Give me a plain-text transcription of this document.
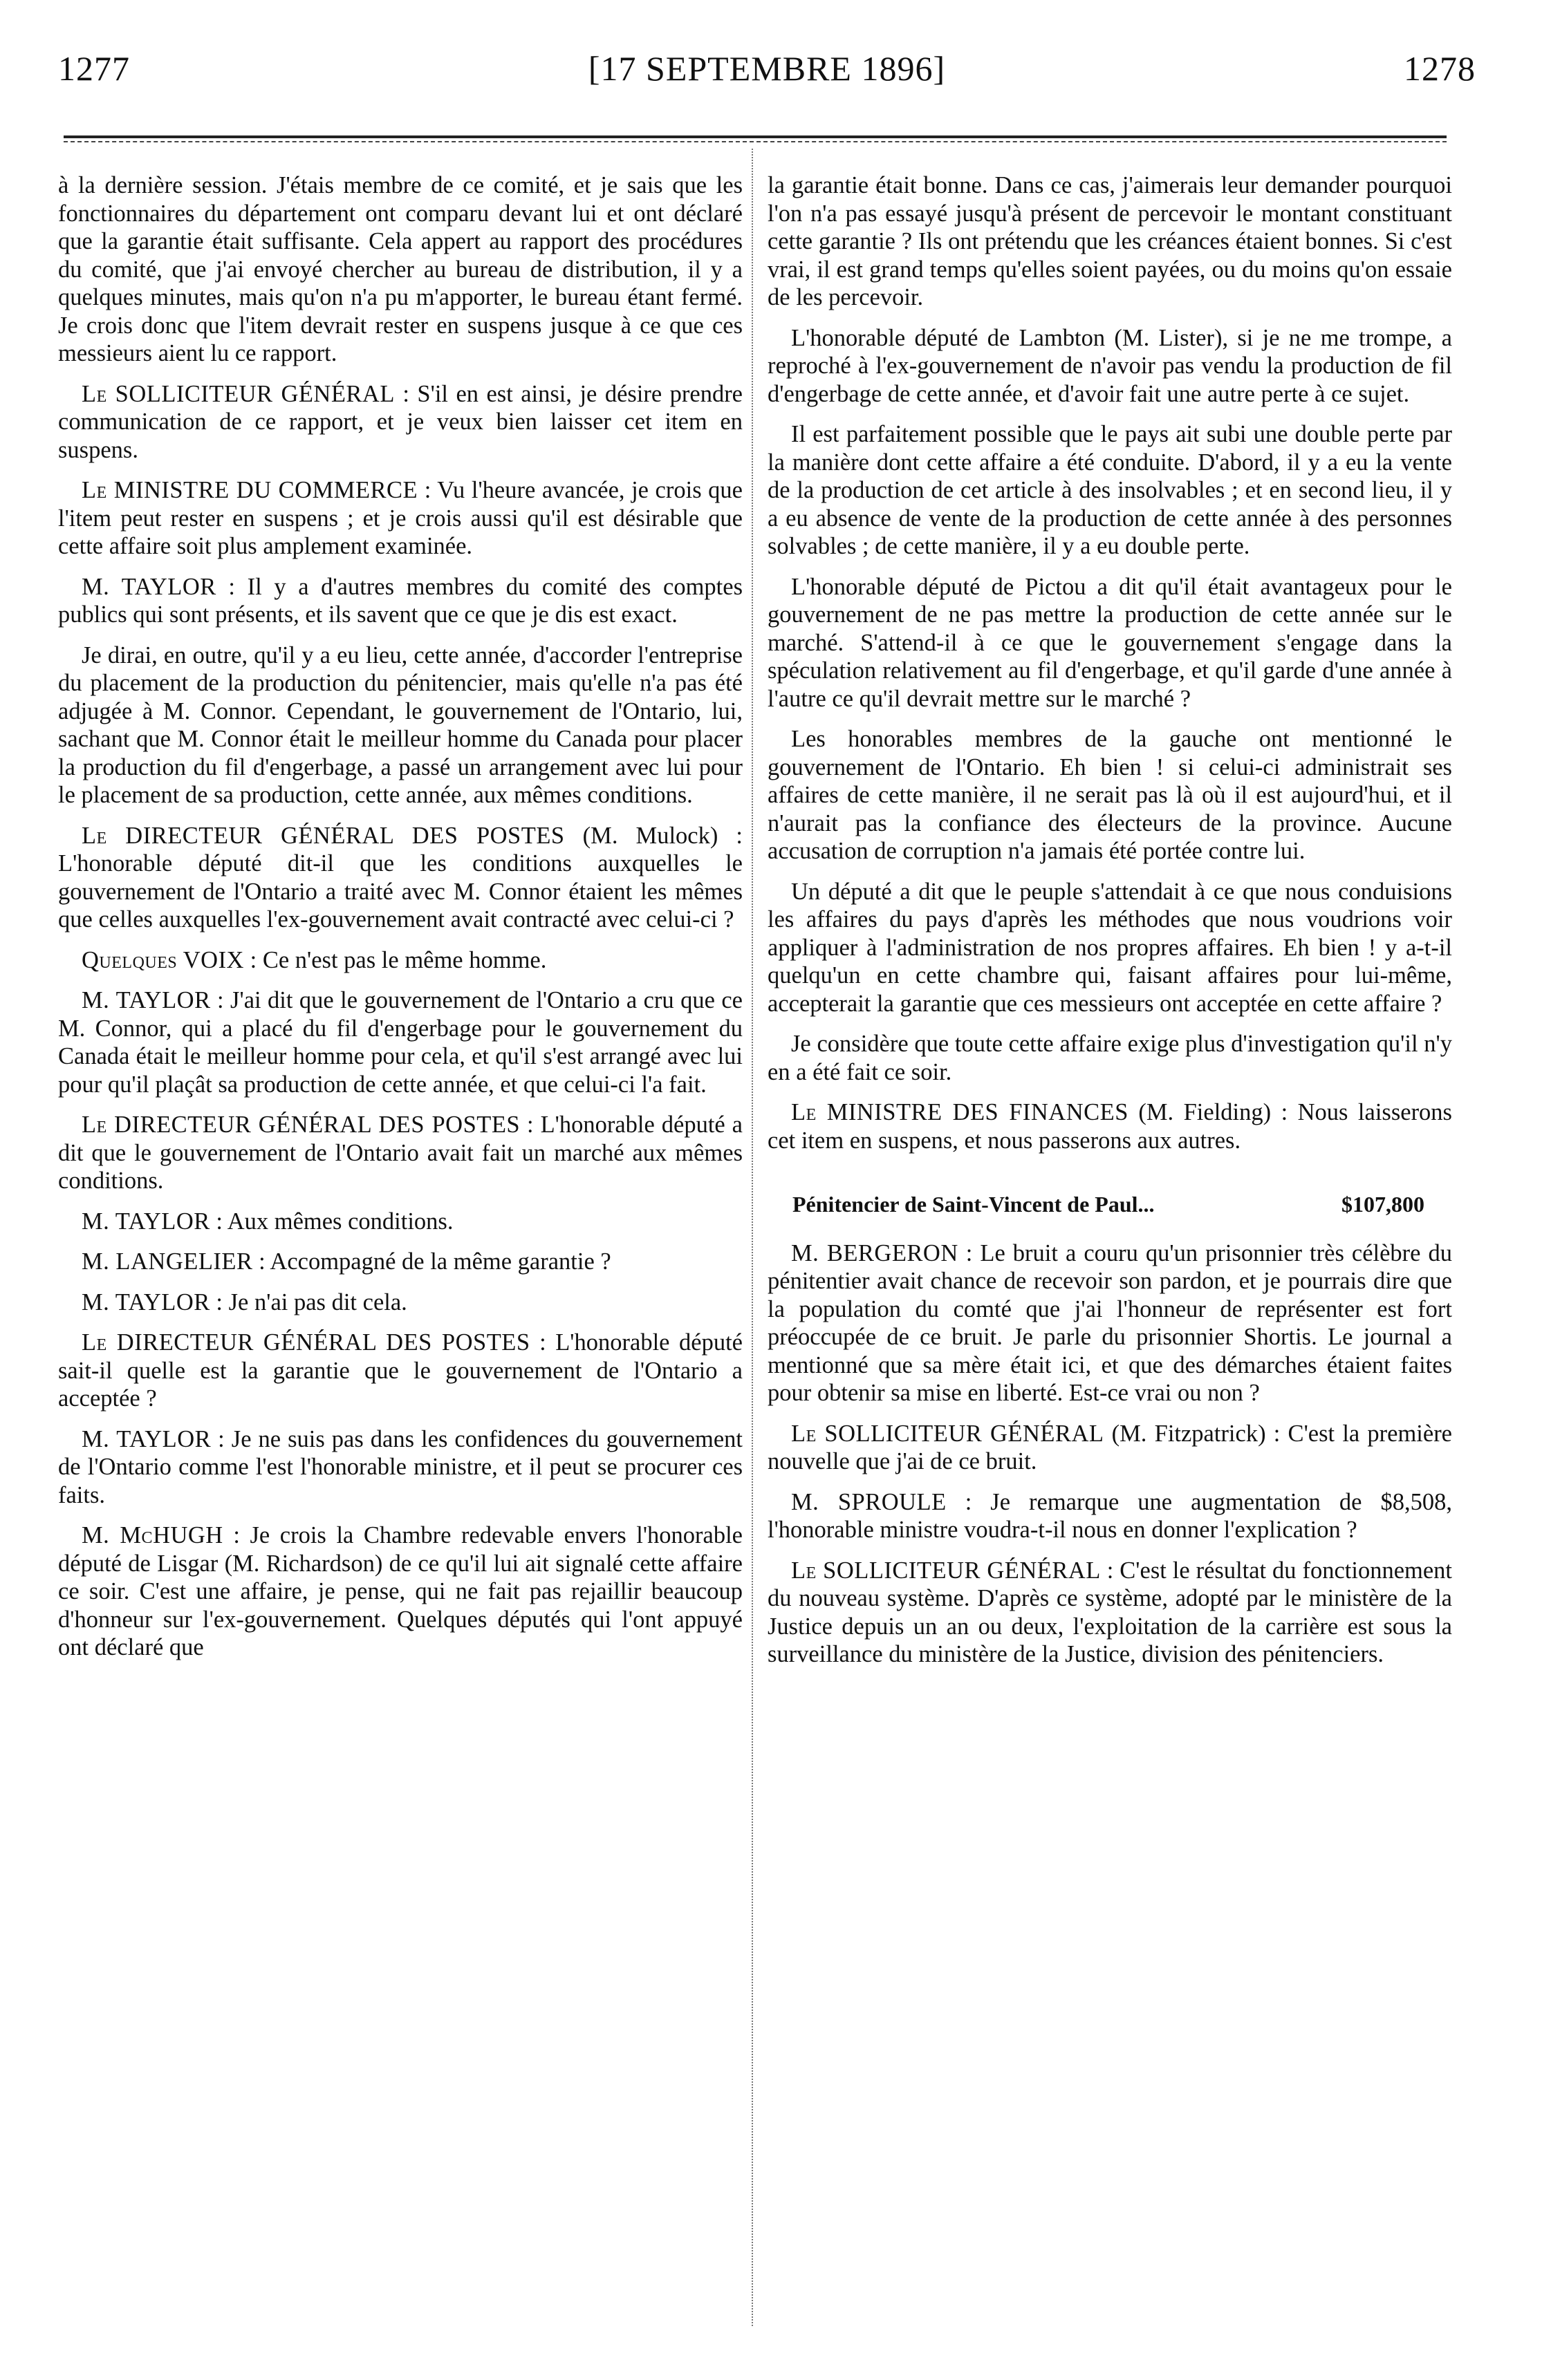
1277	[17 SEPTEMBRE 1896]	1278

à la dernière session. J'étais membre de ce comité, et je sais que les fonctionnaires du département ont comparu devant lui et ont déclaré que la garantie était suffisante. Cela appert au rapport des procédures du comité, que j'ai envoyé chercher au bureau de distribution, il y a quelques minutes, mais qu'on n'a pu m'apporter, le bureau étant fermé. Je crois donc que l'item devrait rester en suspens jusque à ce que ces messieurs aient lu ce rapport.

Le SOLLICITEUR GÉNÉRAL : S'il en est ainsi, je désire prendre communication de ce rapport, et je veux bien laisser cet item en suspens.

Le MINISTRE DU COMMERCE : Vu l'heure avancée, je crois que l'item peut rester en suspens ; et je crois aussi qu'il est désirable que cette affaire soit plus amplement examinée.

M. TAYLOR : Il y a d'autres membres du comité des comptes publics qui sont présents, et ils savent que ce que je dis est exact.

Je dirai, en outre, qu'il y a eu lieu, cette année, d'accorder l'entreprise du placement de la production du pénitencier, mais qu'elle n'a pas été adjugée à M. Connor. Cependant, le gouvernement de l'Ontario, lui, sachant que M. Connor était le meilleur homme du Canada pour placer la production du fil d'engerbage, a passé un arrangement avec lui pour le placement de sa production, cette année, aux mêmes conditions.

Le DIRECTEUR GÉNÉRAL DES POSTES (M. Mulock) : L'honorable député dit-il que les conditions auxquelles le gouvernement de l'Ontario a traité avec M. Connor étaient les mêmes que celles auxquelles l'ex-gouvernement avait contracté avec celui-ci ?

Quelques VOIX : Ce n'est pas le même homme.

M. TAYLOR : J'ai dit que le gouvernement de l'Ontario a cru que ce M. Connor, qui a placé du fil d'engerbage pour le gouvernement du Canada était le meilleur homme pour cela, et qu'il s'est arrangé avec lui pour qu'il plaçât sa production de cette année, et que celui-ci l'a fait.

Le DIRECTEUR GÉNÉRAL DES POSTES : L'honorable député a dit que le gouvernement de l'Ontario avait fait un marché aux mêmes conditions.

M. TAYLOR : Aux mêmes conditions.

M. LANGELIER : Accompagné de la même garantie ?

M. TAYLOR : Je n'ai pas dit cela.

Le DIRECTEUR GÉNÉRAL DES POSTES : L'honorable député sait-il quelle est la garantie que le gouvernement de l'Ontario a acceptée ?

M. TAYLOR : Je ne suis pas dans les confidences du gouvernement de l'Ontario comme l'est l'honorable ministre, et il peut se procurer ces faits.

M. McHUGH : Je crois la Chambre redevable envers l'honorable député de Lisgar (M. Richardson) de ce qu'il lui ait signalé cette affaire ce soir. C'est une affaire, je pense, qui ne fait pas rejaillir beaucoup d'honneur sur l'ex-gouvernement. Quelques députés qui l'ont appuyé ont déclaré que

la garantie était bonne. Dans ce cas, j'aimerais leur demander pourquoi l'on n'a pas essayé jusqu'à présent de percevoir le montant constituant cette garantie ? Ils ont prétendu que les créances étaient bonnes. Si c'est vrai, il est grand temps qu'elles soient payées, ou du moins qu'on essaie de les percevoir.

L'honorable député de Lambton (M. Lister), si je ne me trompe, a reproché à l'ex-gouvernement de n'avoir pas vendu la production de fil d'engerbage de cette année, et d'avoir fait une autre perte à ce sujet.

Il est parfaitement possible que le pays ait subi une double perte par la manière dont cette affaire a été conduite. D'abord, il y a eu la vente de la production de cet article à des insolvables ; et en second lieu, il y a eu absence de vente de la production de cette année à des personnes solvables ; de cette manière, il y a eu double perte.

L'honorable député de Pictou a dit qu'il était avantageux pour le gouvernement de ne pas mettre la production de cette année sur le marché. S'attend-il à ce que le gouvernement s'engage dans la spéculation relativement au fil d'engerbage, et qu'il garde d'une année à l'autre ce qu'il devrait mettre sur le marché ?

Les honorables membres de la gauche ont mentionné le gouvernement de l'Ontario. Eh bien ! si celui-ci administrait ses affaires de cette manière, il ne serait pas là où il est aujourd'hui, et il n'aurait pas la confiance des électeurs de la province. Aucune accusation de corruption n'a jamais été portée contre lui.

Un député a dit que le peuple s'attendait à ce que nous conduisions les affaires du pays d'après les méthodes que nous voudrions voir appliquer à l'administration de nos propres affaires. Eh bien ! y a-t-il quelqu'un en cette chambre qui, faisant affaires pour lui-même, accepterait la garantie que ces messieurs ont acceptée en cette affaire ?

Je considère que toute cette affaire exige plus d'investigation qu'il n'y en a été fait ce soir.

Le MINISTRE DES FINANCES (M. Fielding) : Nous laisserons cet item en suspens, et nous passerons aux autres.

Pénitencier de Saint-Vincent de Paul...	$107,800

M. BERGERON : Le bruit a couru qu'un prisonnier très célèbre du pénitentier avait chance de recevoir son pardon, et je pourrais dire que la population du comté que j'ai l'honneur de représenter est fort préoccupée de ce bruit. Je parle du prisonnier Shortis. Le journal a mentionné que sa mère était ici, et que des démarches étaient faites pour obtenir sa mise en liberté. Est-ce vrai ou non ?

Le SOLLICITEUR GÉNÉRAL (M. Fitzpatrick) : C'est la première nouvelle que j'ai de ce bruit.

M. SPROULE : Je remarque une augmentation de $8,508, l'honorable ministre voudra-t-il nous en donner l'explication ?

Le SOLLICITEUR GÉNÉRAL : C'est le résultat du fonctionnement du nouveau système. D'après ce système, adopté par le ministère de la Justice depuis un an ou deux, l'exploitation de la carrière est sous la surveillance du ministère de la Justice, division des pénitenciers.
